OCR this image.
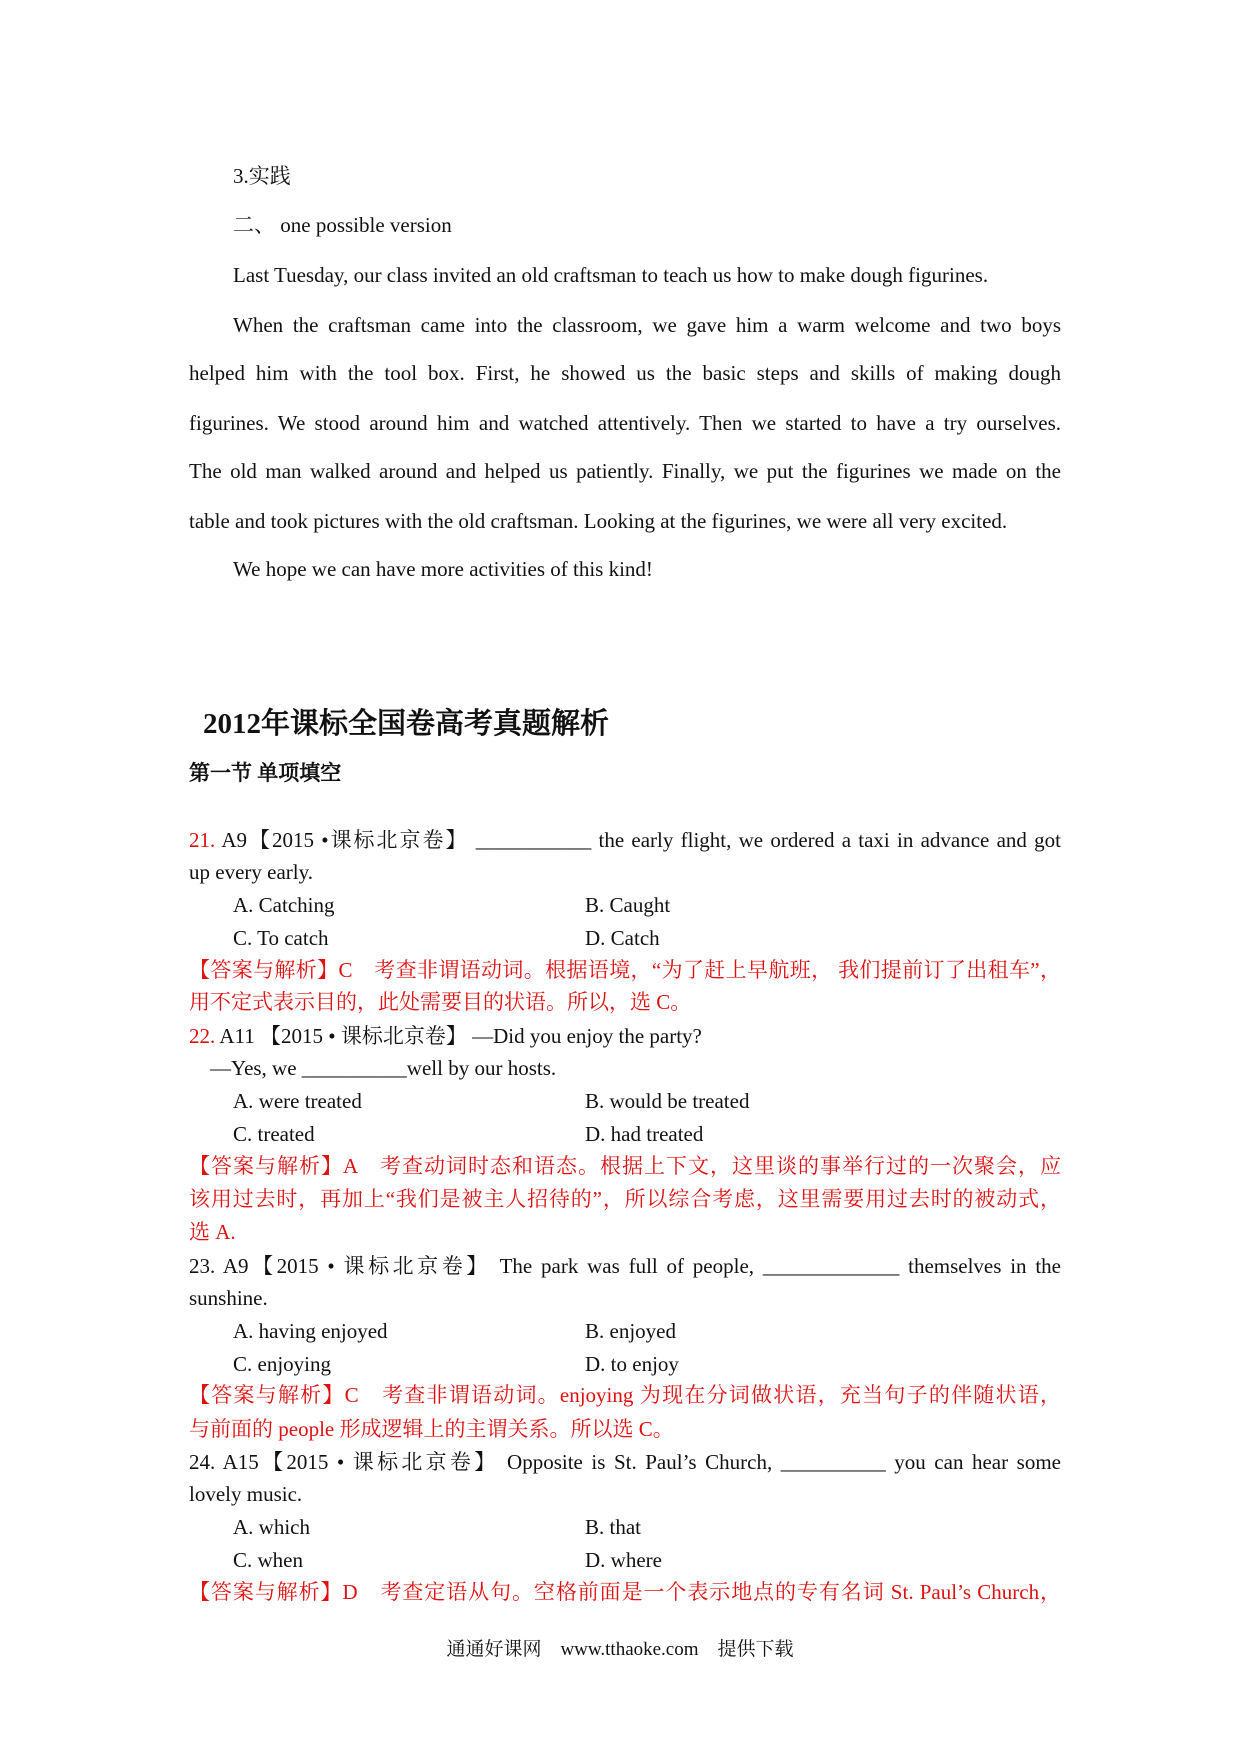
3.实践
二、 one possible version
Last Tuesday, our class invited an old craftsman to teach us how to make dough figurines.
When the craftsman came into the classroom, we gave him a warm welcome and two boys
helped him with the tool box. First, he showed us the basic steps and skills of making dough
figurines. We stood around him and watched attentively. Then we started to have a try ourselves.
The old man walked around and helped us patiently. Finally, we put the figurines we made on the
table and took pictures with the old craftsman. Looking at the figurines, we were all very excited.
We hope we can have more activities of this kind!
2012年课标全国卷高考真题解析
第一节 单项填空
21. A9【2015 •课标北京卷】 ___________ the early flight, we ordered a taxi in advance and got
up every early.
A. Catching	B. Caught
C. To catch	D. Catch
【答案与解析】C　考查非谓语动词。根据语境，“为了赶上早航班， 我们提前订了出租车”，
用不定式表示目的，此处需要目的状语。所以，选 C。
22. A11 【2015 • 课标北京卷】 —Did you enjoy the party?
—Yes, we __________well by our hosts.
A. were treated	B. would be treated
C. treated	D. had treated
【答案与解析】A　考查动词时态和语态。根据上下文，这里谈的事举行过的一次聚会，应
该用过去时，再加上“我们是被主人招待的”，所以综合考虑，这里需要用过去时的被动式，
选 A.
23. A9【2015 • 课标北京卷】 The park was full of people, _____________ themselves in the
sunshine.
A. having enjoyed	B. enjoyed
C. enjoying	D. to enjoy
【答案与解析】C　考查非谓语动词。enjoying 为现在分词做状语，充当句子的伴随状语，
与前面的 people 形成逻辑上的主谓关系。所以选 C。
24. A15【2015 • 课标北京卷】 Opposite is St. Paul’s Church, __________ you can hear some
lovely music.
A. which	B. that
C. when	D. where
【答案与解析】D　考查定语从句。空格前面是一个表示地点的专有名词 St. Paul’s Church，
通通好课网　www.tthaoke.com　提供下载
